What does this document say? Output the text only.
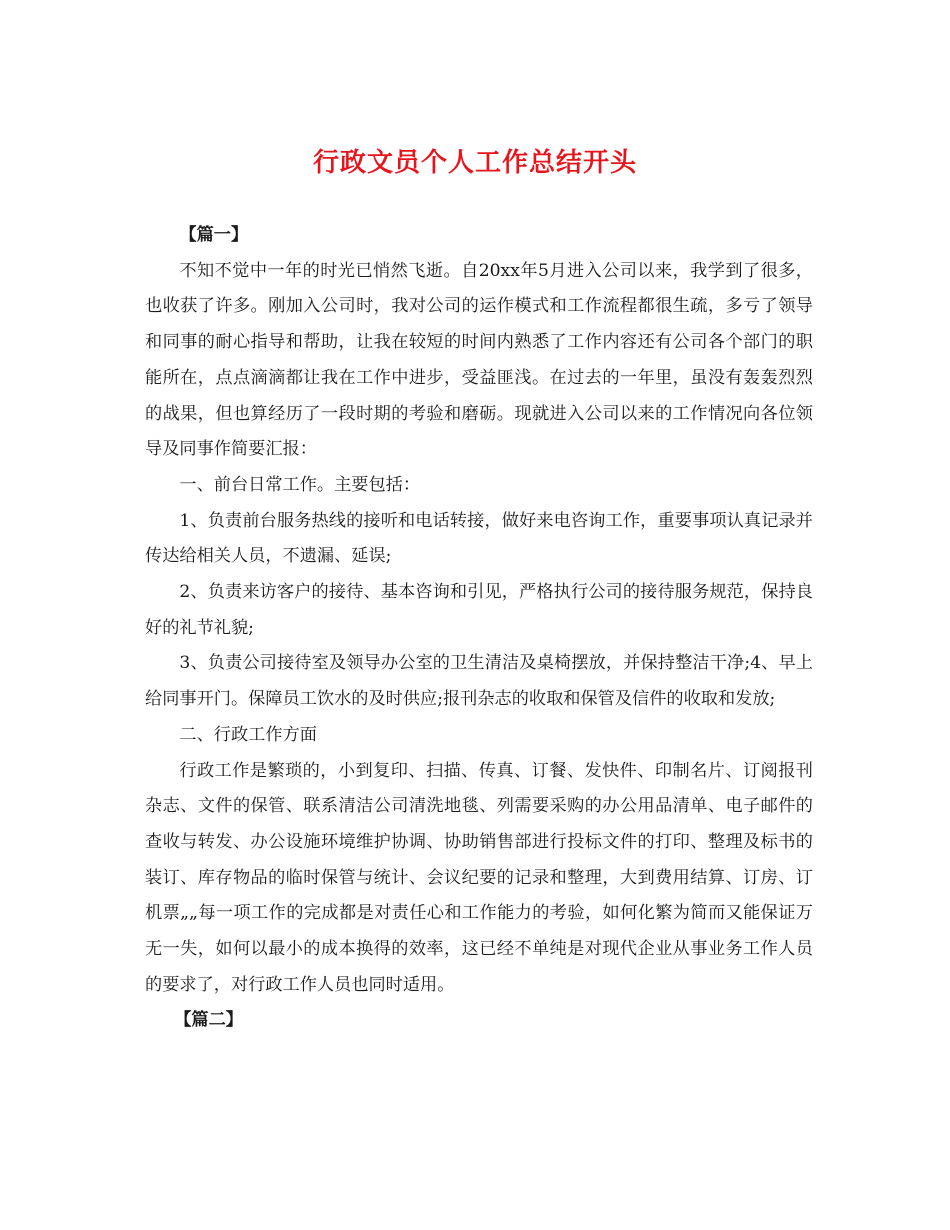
行政文员个人工作总结开头

【篇一】

不知不觉中一年的时光已悄然飞逝。自20xx年5月进入公司以来，我学到了很多，也收获了许多。刚加入公司时，我对公司的运作模式和工作流程都很生疏，多亏了领导和同事的耐心指导和帮助，让我在较短的时间内熟悉了工作内容还有公司各个部门的职能所在，点点滴滴都让我在工作中进步，受益匪浅。在过去的一年里，虽没有轰轰烈烈的战果，但也算经历了一段时期的考验和磨砺。现就进入公司以来的工作情况向各位领导及同事作简要汇报：

一、前台日常工作。主要包括：

1、负责前台服务热线的接听和电话转接，做好来电咨询工作，重要事项认真记录并传达给相关人员，不遗漏、延误;

2、负责来访客户的接待、基本咨询和引见，严格执行公司的接待服务规范，保持良好的礼节礼貌;

3、负责公司接待室及领导办公室的卫生清洁及桌椅摆放，并保持整洁干净;4、早上给同事开门。保障员工饮水的及时供应;报刊杂志的收取和保管及信件的收取和发放;

二、行政工作方面

行政工作是繁琐的，小到复印、扫描、传真、订餐、发快件、印制名片、订阅报刊杂志、文件的保管、联系清洁公司清洗地毯、列需要采购的办公用品清单、电子邮件的查收与转发、办公设施环境维护协调、协助销售部进行投标文件的打印、整理及标书的装订、库存物品的临时保管与统计、会议纪要的记录和整理，大到费用结算、订房、订机票„„每一项工作的完成都是对责任心和工作能力的考验，如何化繁为简而又能保证万无一失，如何以最小的成本换得的效率，这已经不单纯是对现代企业从事业务工作人员的要求了，对行政工作人员也同时适用。

【篇二】
